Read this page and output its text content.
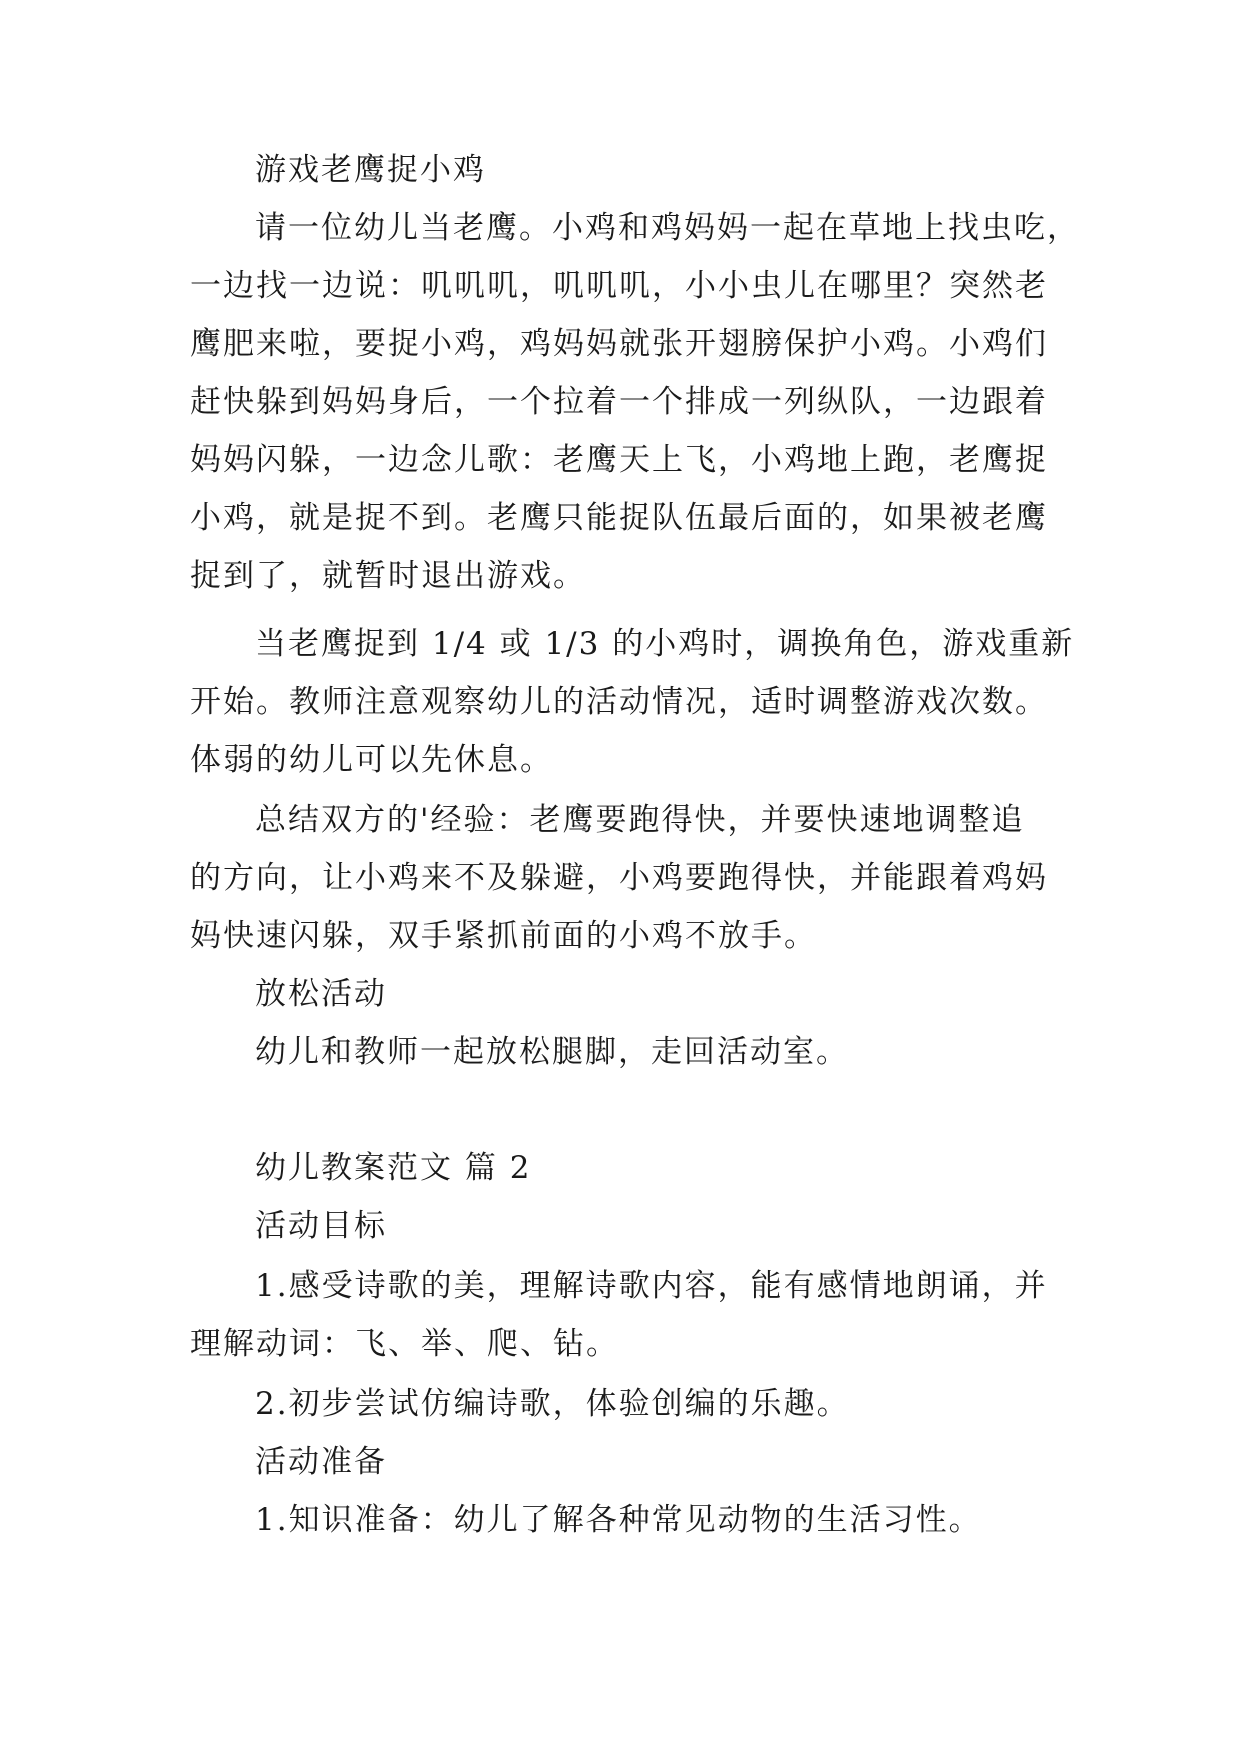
游戏老鹰捉小鸡
请一位幼儿当老鹰。小鸡和鸡妈妈一起在草地上找虫吃，
一边找一边说：叽叽叽，叽叽叽，小小虫儿在哪里？突然老
鹰肥来啦，要捉小鸡，鸡妈妈就张开翅膀保护小鸡。小鸡们
赶快躲到妈妈身后，一个拉着一个排成一列纵队，一边跟着
妈妈闪躲，一边念儿歌：老鹰天上飞，小鸡地上跑，老鹰捉
小鸡，就是捉不到。老鹰只能捉队伍最后面的，如果被老鹰
捉到了，就暂时退出游戏。
当老鹰捉到 1/4 或 1/3 的小鸡时，调换角色，游戏重新
开始。教师注意观察幼儿的活动情况，适时调整游戏次数。
体弱的幼儿可以先休息。
总结双方的'经验：老鹰要跑得快，并要快速地调整追
的方向，让小鸡来不及躲避，小鸡要跑得快，并能跟着鸡妈
妈快速闪躲，双手紧抓前面的小鸡不放手。
放松活动
幼儿和教师一起放松腿脚，走回活动室。
幼儿教案范文 篇 2
活动目标
1.感受诗歌的美，理解诗歌内容，能有感情地朗诵，并
理解动词：飞、举、爬、钻。
2.初步尝试仿编诗歌，体验创编的乐趣。
活动准备
1.知识准备：幼儿了解各种常见动物的生活习性。
